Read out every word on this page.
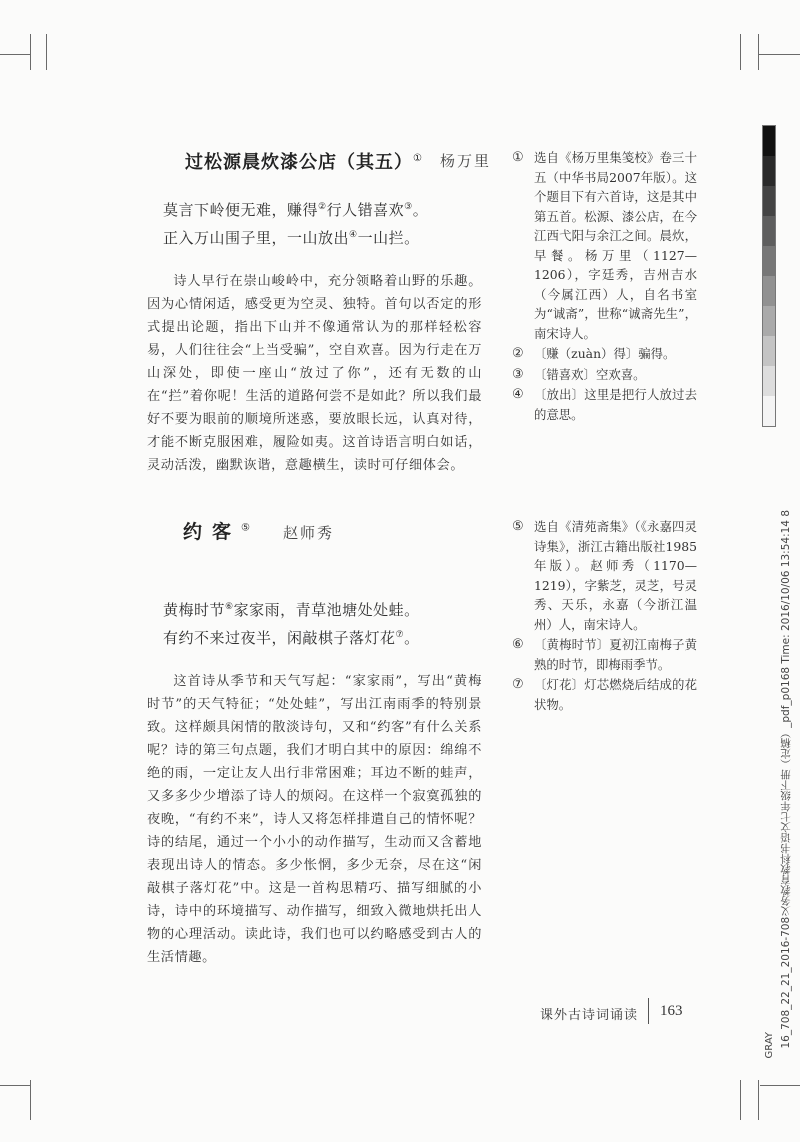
过松源晨炊漆公店（其五）① 杨万里
莫言下岭便无难，赚得②行人错喜欢③。
正入万山围子里，一山放出④一山拦。

诗人早行在崇山峻岭中，充分领略着山野的乐趣。因为心情闲适，感受更为空灵、独特。首句以否定的形式提出论题，指出下山并不像通常认为的那样轻松容易，人们往往会“上当受骗”，空自欢喜。因为行走在万山深处，即使一座山“放过了你”，还有无数的山在“拦”着你呢！生活的道路何尝不是如此？所以我们最好不要为眼前的顺境所迷惑，要放眼长远，认真对待，才能不断克服困难，履险如夷。这首诗语言明白如话，灵动活泼，幽默诙谐，意趣横生，读时可仔细体会。

① 选自《杨万里集笺校》卷三十五（中华书局2007年版）。这个题目下有六首诗，这是其中第五首。松源、漆公店，在今江西弋阳与余江之间。晨炊，早餐。杨万里（1127—1206），字廷秀，吉州吉水（今属江西）人，自名书室为“诚斋”，世称“诚斋先生”，南宋诗人。
② 〔赚（zuàn）得〕骗得。
③ 〔错喜欢〕空欢喜。
④ 〔放出〕这里是把行人放过去的意思。
约客⑤ 赵师秀
黄梅时节⑥家家雨，青草池塘处处蛙。
有约不来过夜半，闲敲棋子落灯花⑦。

这首诗从季节和天气写起：“家家雨”，写出“黄梅时节”的天气特征；“处处蛙”，写出江南雨季的特别景致。这样颇具闲情的散淡诗句，又和“约客”有什么关系呢？诗的第三句点题，我们才明白其中的原因：绵绵不绝的雨，一定让友人出行非常困难；耳边不断的蛙声，又多多少少增添了诗人的烦闷。在这样一个寂寞孤独的夜晚，“有约不来”，诗人又将怎样排遣自己的情怀呢？诗的结尾，通过一个小小的动作描写，生动而又含蓄地表现出诗人的情态。多少怅惘，多少无奈，尽在这“闲敲棋子落灯花”中。这是一首构思精巧、描写细腻的小诗，诗中的环境描写、动作描写，细致入微地烘托出人物的心理活动。读此诗，我们也可以约略感受到古人的生活情趣。

⑤ 选自《清苑斋集》（《永嘉四灵诗集》，浙江古籍出版社1985年版）。赵师秀（1170—1219），字紫芝，灵芝，号灵秀、天乐，永嘉（今浙江温州）人，南宋诗人。
⑥ 〔黄梅时节〕夏初江南梅子黄熟的时节，即梅雨季节。
⑦ 〔灯花〕灯芯燃烧后结成的花状物。
课外古诗词诵读 163	16_708_22_21_2016-708义务教育教科书语文七年级下册（定稿）_pdf_p0168 Time: 2016/10/06 13:54:14 8
GRAY
